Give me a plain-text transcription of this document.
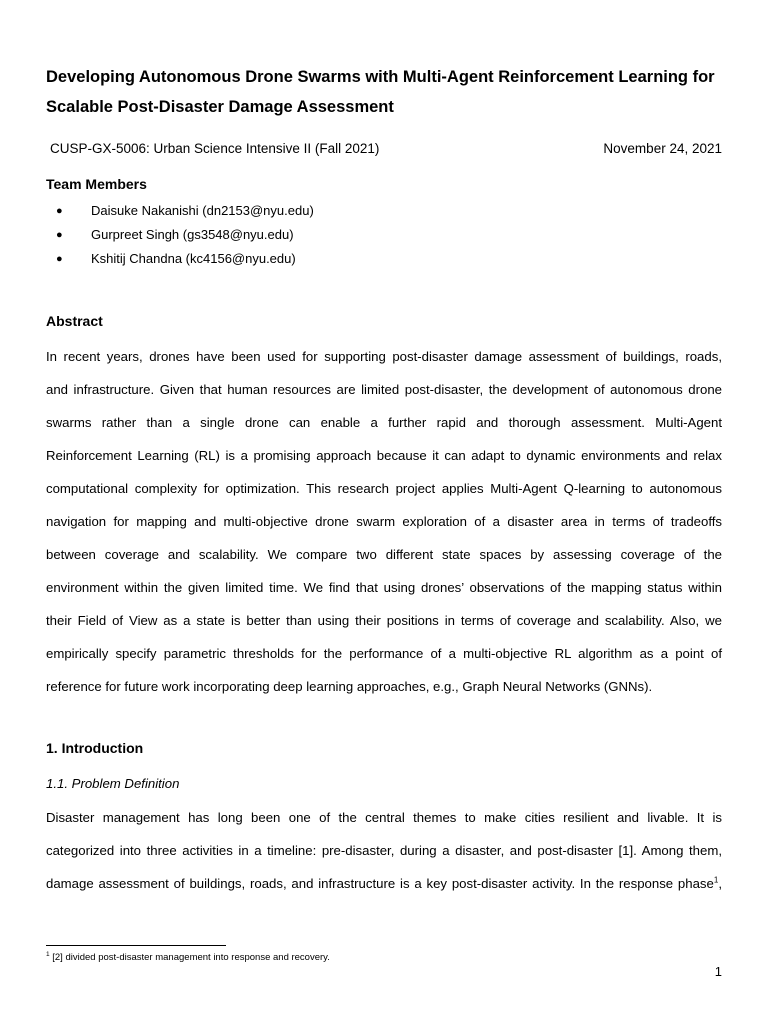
Developing Autonomous Drone Swarms with Multi-Agent Reinforcement Learning for Scalable Post-Disaster Damage Assessment
CUSP-GX-5006: Urban Science Intensive II (Fall 2021)	November 24, 2021
Team Members
●	Daisuke Nakanishi (dn2153@nyu.edu)
●	Gurpreet Singh (gs3548@nyu.edu)
●	Kshitij Chandna (kc4156@nyu.edu)
Abstract
In recent years, drones have been used for supporting post-disaster damage assessment of buildings, roads,
and infrastructure. Given that human resources are limited post-disaster, the development of autonomous drone
swarms rather than a single drone can enable a further rapid and thorough assessment. Multi-Agent
Reinforcement Learning (RL) is a promising approach because it can adapt to dynamic environments and relax
computational complexity for optimization. This research project applies Multi-Agent Q-learning to autonomous
navigation for mapping and multi-objective drone swarm exploration of a disaster area in terms of tradeoffs
between coverage and scalability. We compare two different state spaces by assessing coverage of the
environment within the given limited time. We find that using drones’ observations of the mapping status within
their Field of View as a state is better than using their positions in terms of coverage and scalability. Also, we
empirically specify parametric thresholds for the performance of a multi-objective RL algorithm as a point of
reference for future work incorporating deep learning approaches, e.g., Graph Neural Networks (GNNs).
1. Introduction
1.1. Problem Definition
Disaster management has long been one of the central themes to make cities resilient and livable. It is
categorized into three activities in a timeline: pre-disaster, during a disaster, and post-disaster [1]. Among them,
damage assessment of buildings, roads, and infrastructure is a key post-disaster activity. In the response phase$^1$,

$^1$ [2] divided post-disaster management into response and recovery.

1
